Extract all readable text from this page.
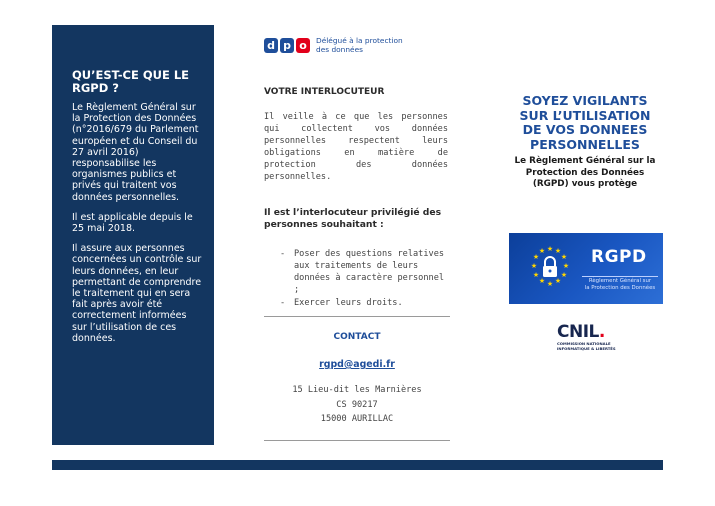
QU’EST-CE QUE LE RGPD ?

Le Règlement Général sur la Protection des Données (n°2016/679 du Parlement européen et du Conseil du 27 avril 2016) responsabilise les organismes publics et privés qui traitent vos données personnelles.

Il est applicable depuis le 25 mai 2018.

Il assure aux personnes concernées un contrôle sur leurs données, en leur permettant de comprendre le traitement qui en sera fait après avoir été correctement informées sur l’utilisation de ces données.

d p o	Délégué à la protection
des données
VOTRE INTERLOCUTEUR
Il veille à ce que les personnes qui collectent vos données personnelles respectent leurs obligations en matière de protection des données personnelles.
Il est l’interlocuteur privilégié des personnes souhaitant :
- Poser des questions relatives aux traitements de leurs données à caractère personnel ;
- Exercer leurs droits.
CONTACT
rgpd@agedi.fr
15 Lieu-dit les Marnières
CS 90217
15000 AURILLAC
SOYEZ VIGILANTS
SUR L’UTILISATION
DE VOS DONNEES
PERSONNELLES
Le Règlement Général sur la
Protection des Données
(RGPD) vous protège
★ ★
★
★
★
★
★
★
★
★
★
★	RGPD
Règlement Général sur
la Protection des Données
CNIL.
COMMISSION NATIONALE
INFORMATIQUE & LIBERTÉS
